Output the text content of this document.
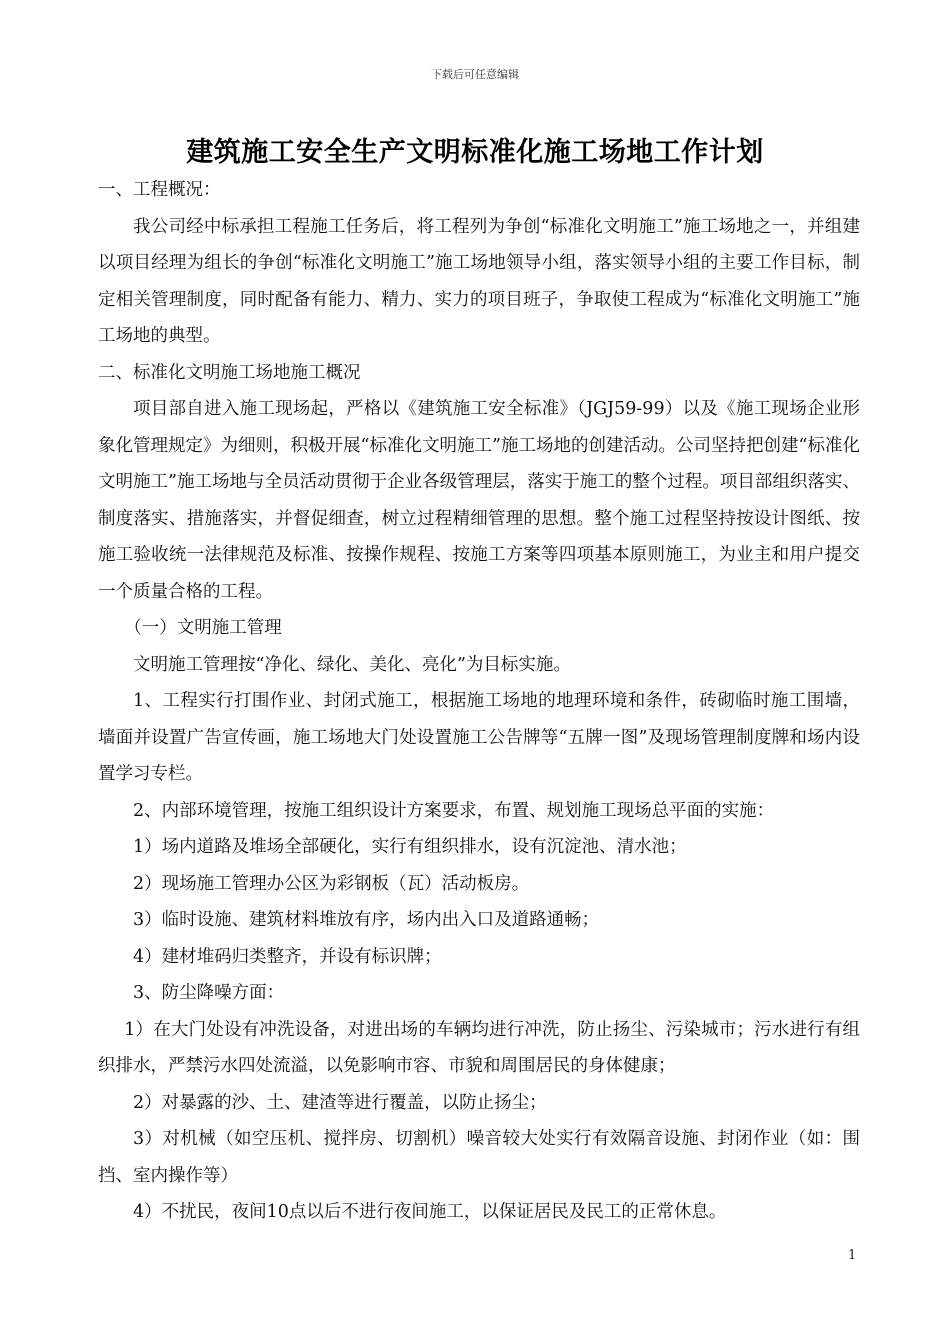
下载后可任意编辑
建筑施工安全生产文明标准化施工场地工作计划

一、工程概况：

我公司经中标承担工程施工任务后，将工程列为争创“标准化文明施工”施工场地之一，并组建以项目经理为组长的争创“标准化文明施工”施工场地领导小组，落实领导小组的主要工作目标，制定相关管理制度，同时配备有能力、精力、实力的项目班子，争取使工程成为“标准化文明施工”施工场地的典型。

二、标准化文明施工场地施工概况

项目部自进入施工现场起，严格以《建筑施工安全标准》（JGJ59-99）以及《施工现场企业形象化管理规定》为细则，积极开展“标准化文明施工”施工场地的创建活动。公司坚持把创建“标准化文明施工”施工场地与全员活动贯彻于企业各级管理层，落实于施工的整个过程。项目部组织落实、制度落实、措施落实，并督促细查，树立过程精细管理的思想。整个施工过程坚持按设计图纸、按施工验收统一法律规范及标准、按操作规程、按施工方案等四项基本原则施工，为业主和用户提交一个质量合格的工程。

（一）文明施工管理

文明施工管理按“净化、绿化、美化、亮化”为目标实施。

1、工程实行打围作业、封闭式施工，根据施工场地的地理环境和条件，砖砌临时施工围墙，墙面并设置广告宣传画，施工场地大门处设置施工公告牌等“五牌一图”及现场管理制度牌和场内设置学习专栏。

2、内部环境管理，按施工组织设计方案要求，布置、规划施工现场总平面的实施：

1）场内道路及堆场全部硬化，实行有组织排水，设有沉淀池、清水池；

2）现场施工管理办公区为彩钢板（瓦）活动板房。

3）临时设施、建筑材料堆放有序，场内出入口及道路通畅；

4）建材堆码归类整齐，并设有标识牌；

3、防尘降噪方面：

1）在大门处设有冲洗设备，对进出场的车辆均进行冲洗，防止扬尘、污染城市；污水进行有组织排水，严禁污水四处流溢，以免影响市容、市貌和周围居民的身体健康；

2）对暴露的沙、土、建渣等进行覆盖，以防止扬尘；

3）对机械（如空压机、搅拌房、切割机）噪音较大处实行有效隔音设施、封闭作业（如：围挡、室内操作等）

4）不扰民，夜间10点以后不进行夜间施工，以保证居民及民工的正常休息。

1
